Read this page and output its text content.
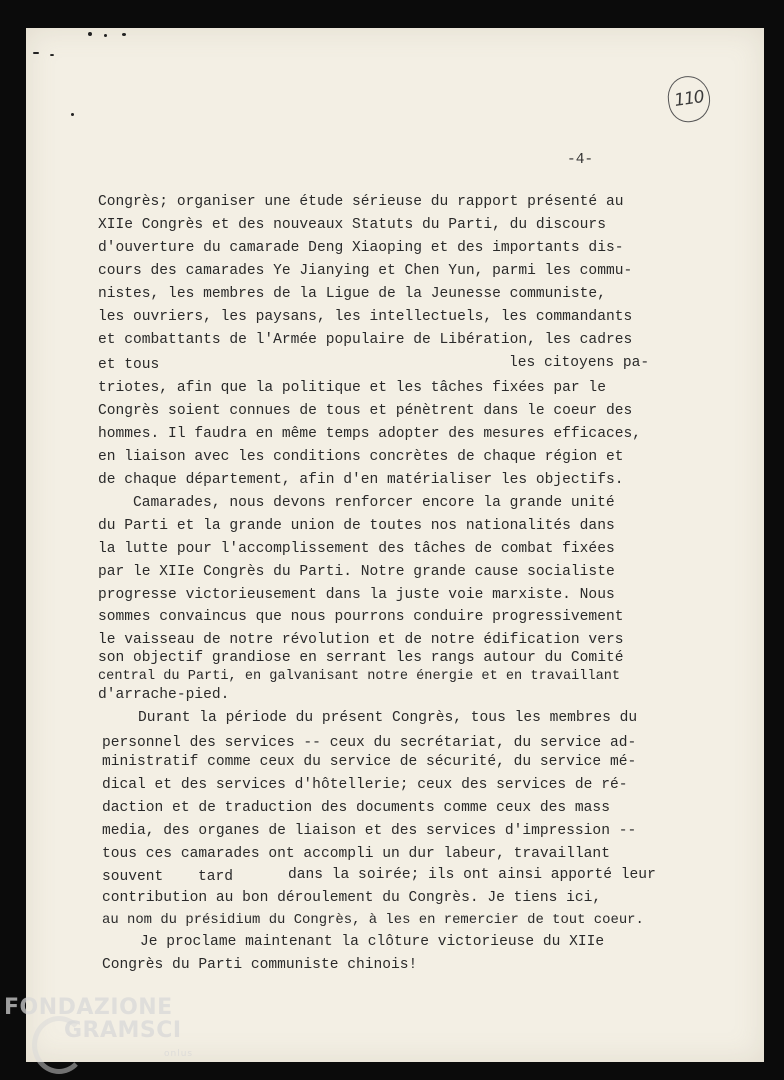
110
-4-
Congrès; organiser une étude sérieuse du rapport présenté au
XIIe Congrès et des nouveaux Statuts du Parti, du discours
d'ouverture du camarade Deng Xiaoping et des importants dis-
cours des camarades Ye Jianying et Chen Yun, parmi les commu-
nistes, les membres de la Ligue de la Jeunesse communiste,
les ouvriers, les paysans, les intellectuels, les commandants
et combattants de l'Armée populaire de Libération, les cadres
et tous	les citoyens pa-
triotes, afin que la politique et les tâches fixées par le
Congrès soient connues de tous et pénètrent dans le coeur des
hommes. Il faudra en même temps adopter des mesures efficaces,
en liaison avec les conditions concrètes de chaque région et
de chaque département, afin d'en matérialiser les objectifs.
Camarades, nous devons renforcer encore la grande unité
du Parti et la grande union de toutes nos nationalités dans
la lutte pour l'accomplissement des tâches de combat fixées
par le XIIe Congrès du Parti. Notre grande cause socialiste
progresse victorieusement dans la juste voie marxiste. Nous
sommes convaincus que nous pourrons conduire progressivement
le vaisseau de notre révolution et de notre édification vers
son objectif grandiose en serrant les rangs autour du Comité
central du Parti, en galvanisant notre énergie et en travaillant
d'arrache-pied.
Durant la période du présent Congrès, tous les membres du
personnel des services -- ceux du secrétariat, du service ad-
ministratif comme ceux du service de sécurité, du service mé-
dical et des services d'hôtellerie; ceux des services de ré-
daction et de traduction des documents comme ceux des mass
media, des organes de liaison et des services d'impression --
tous ces camarades ont accompli un dur labeur, travaillant
souvent tard	dans la soirée; ils ont ainsi apporté leur
contribution au bon déroulement du Congrès. Je tiens ici,
au nom du présidium du Congrès, à les en remercier de tout coeur.
Je proclame maintenant la clôture victorieuse du XIIe
Congrès du Parti communiste chinois!
FONDAZIONE
GRAMSCI
onlus
